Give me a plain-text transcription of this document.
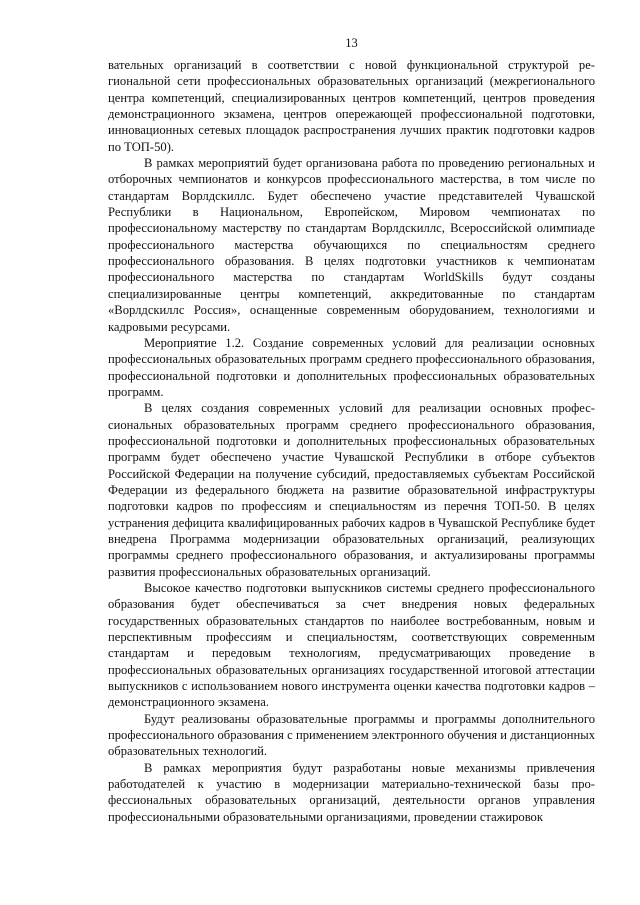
13

вательных организаций в соответствии с новой функциональной структурой региональной сети профессиональных образовательных организаций (межрегионального центра компетенций, специализированных центров компетенций, центров проведения демонстрационного экзамена, центров опережающей профессиональной подготовки, инновационных сетевых площадок распространения лучших практик подготовки кадров по ТОП-50).

В рамках мероприятий будет организована работа по проведению региональных и отборочных чемпионатов и конкурсов профессионального мастерства, в том числе по стандартам Ворлдскиллс. Будет обеспечено участие представителей Чувашской Республики в Национальном, Европейском, Мировом чемпионатах по профессиональному мастерству по стандартам Ворлдскиллс, Всероссийской олимпиаде профессионального мастерства обучающихся по специальностям среднего профессионального образования. В целях подготовки участников к чемпионатам профессионального мастерства по стандартам WorldSkills будут созданы специализированные центры компетенций, аккредитованные по стандартам «Ворлдскиллс Россия», оснащенные современным оборудованием, технологиями и кадровыми ресурсами.

Мероприятие 1.2. Создание современных условий для реализации основных профессиональных образовательных программ среднего профессионального образования, профессиональной подготовки и дополнительных профессиональных образовательных программ.

В целях создания современных условий для реализации основных профессиональных образовательных программ среднего профессионального образования, профессиональной подготовки и дополнительных профессиональных образовательных программ будет обеспечено участие Чувашской Республики в отборе субъектов Российской Федерации на получение субсидий, предоставляемых субъектам Российской Федерации из федерального бюджета на развитие образовательной инфраструктуры подготовки кадров по профессиям и специальностям из перечня ТОП-50. В целях устранения дефицита квалифицированных рабочих кадров в Чувашской Республике будет внедрена Программа модернизации образовательных организаций, реализующих программы среднего профессионального образования, и актуализированы программы развития профессиональных образовательных организаций.

Высокое качество подготовки выпускников системы среднего профессионального образования будет обеспечиваться за счет внедрения новых федеральных государственных образовательных стандартов по наиболее востребованным, новым и перспективным профессиям и специальностям, соответствующих современным стандартам и передовым технологиям, предусматривающих проведение в профессиональных образовательных организациях государственной итоговой аттестации выпускников с использованием нового инструмента оценки качества подготовки кадров – демонстрационного экзамена.

Будут реализованы образовательные программы и программы дополнительного профессионального образования с применением электронного обучения и дистанционных образовательных технологий.

В рамках мероприятия будут разработаны новые механизмы привлечения работодателей к участию в модернизации материально-технической базы профессиональных образовательных организаций, деятельности органов управления профессиональными образовательными организациями, проведении стажировок
